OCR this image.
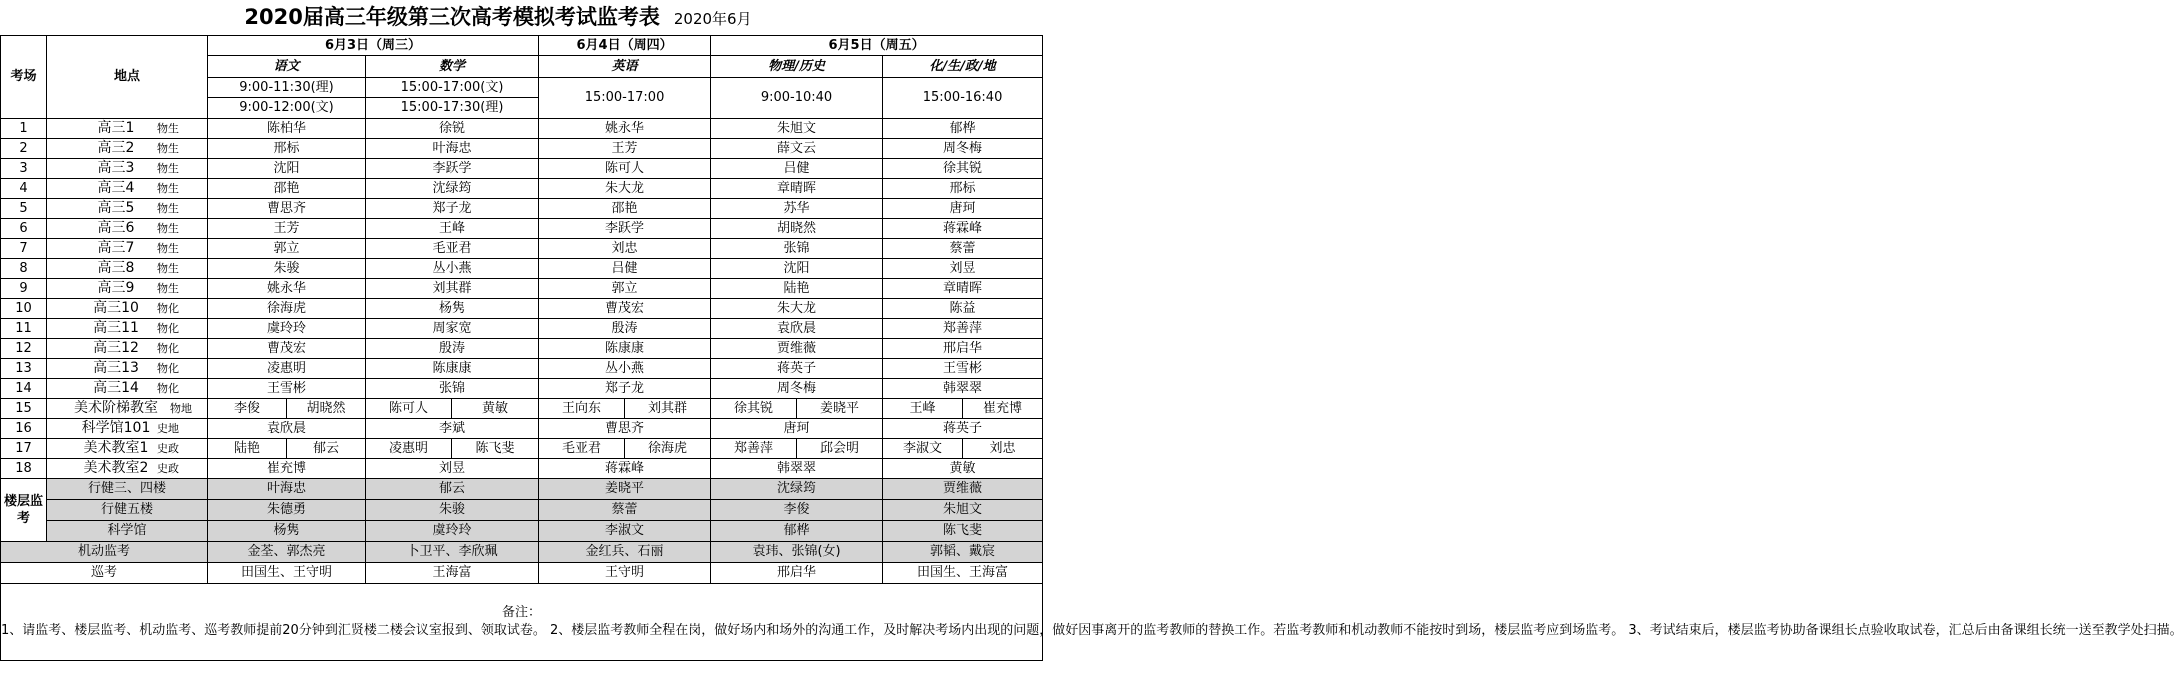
2020届高三年级第三次高考模拟考试监考表 2020年6月
考场	地点	6月3日（周三）				6月4日（周四）		6月5日（周五）			
		语文		数学		英语		物理/历史		化/生/政/地	
		9:00-11:30(理)		15:00-17:00(文)		15:00-17:00		9:00-10:40		15:00-16:40	
		9:00-12:00(文)		15:00-17:30(理)							
1	高三1 物生	陈柏华		徐锐		姚永华		朱旭文		郁桦	
2	高三2 物生	邢标		叶海忠		王芳		薛文云		周冬梅	
3	高三3 物生	沈阳		李跃学		陈可人		吕健		徐其锐	
4	高三4 物生	邵艳		沈绿筠		朱大龙		章晴晖		邢标	
5	高三5 物生	曹思齐		郑子龙		邵艳		苏华		唐珂	
6	高三6 物生	王芳		王峰		李跃学		胡晓然		蒋霖峰	
7	高三7 物生	郭立		毛亚君		刘忠		张锦		蔡蕾	
8	高三8 物生	朱骏		丛小燕		吕健		沈阳		刘昱	
9	高三9 物生	姚永华		刘其群		郭立		陆艳		章晴晖	
10	高三10 物化	徐海虎		杨隽		曹茂宏		朱大龙		陈益	
11	高三11 物化	虞玲玲		周家宽		殷涛		袁欣晨		郑善萍	
12	高三12 物化	曹茂宏		殷涛		陈康康		贾维薇		邢启华	
13	高三13 物化	凌惠明		陈康康		丛小燕		蒋英子		王雪彬	
14	高三14 物化	王雪彬		张锦		郑子龙		周冬梅		韩翠翠	
15	美术阶梯教室 物地	李俊	胡晓然	陈可人	黄敏	王向东	刘其群	徐其锐	姜晓平	王峰	崔充博
16	科学馆101 史地	袁欣晨		李斌		曹思齐		唐珂		蒋英子	
17	美术教室1 史政	陆艳	郁云	凌惠明	陈飞斐	毛亚君	徐海虎	郑善萍	邱会明	李淑文	刘忠
18	美术教室2 史政	崔充博		刘昱		蒋霖峰		韩翠翠		黄敏	
楼层监考	行健三、四楼	叶海忠		郁云		姜晓平		沈绿筠		贾维薇	
	行健五楼	朱德勇		朱骏		蔡蕾		李俊		朱旭文	
	科学馆	杨隽		虞玲玲		李淑文		郁桦		陈飞斐	
机动监考		金荃、郭杰亮		卜卫平、李欣珮		金红兵、石丽		袁玮、张锦(女)		郭韬、戴宸	
巡考		田国生、王守明		王海富		王守明		邢启华		田国生、王海富	

备注：
1、请监考、楼层监考、机动监考、巡考教师提前20分钟到汇贤楼二楼会议室报到、领取试卷。 2、楼层监考教师全程在岗，做好场内和场外的沟通工作，及时解决考场内出现的问题，做好因事离开的监考教师的替换工作。若监考教师和机动教师不能按时到场，楼层监考应到场监考。 3、考试结束后，楼层监考协助备课组长点验收取试卷，汇总后由备课组长统一送至教学处扫描。											
